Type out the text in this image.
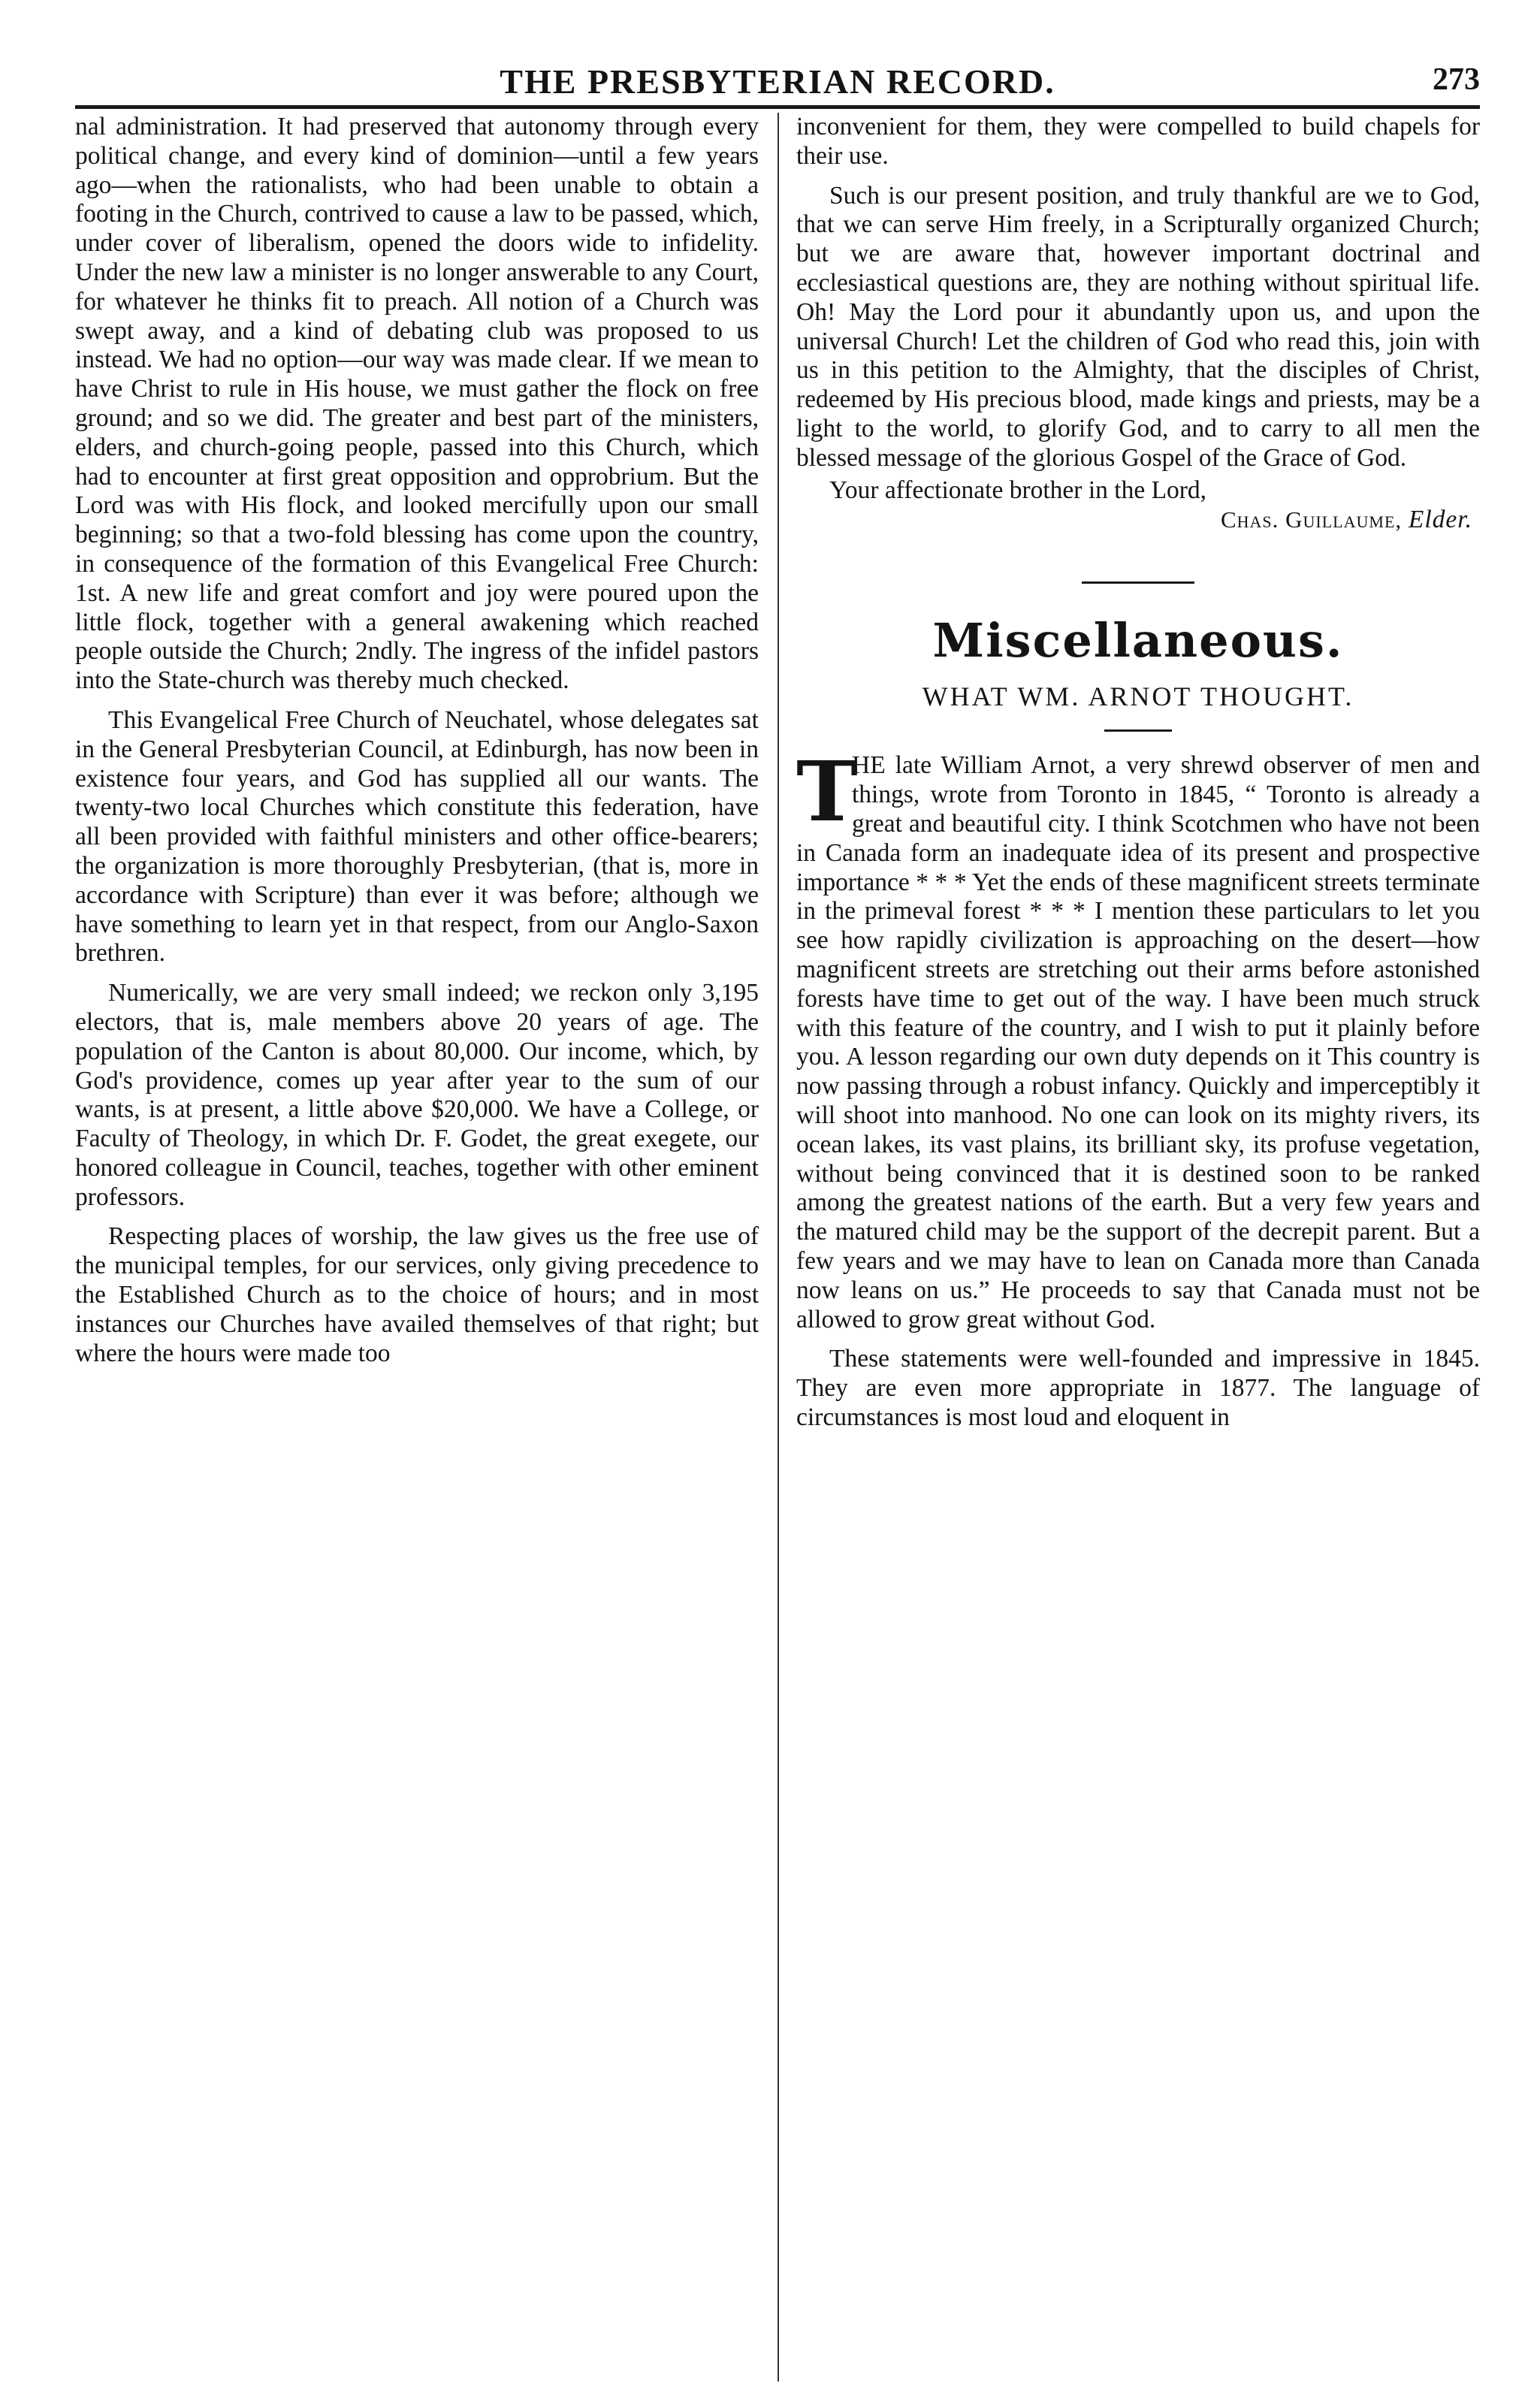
THE PRESBYTERIAN RECORD.	273

nal administration. It had preserved that autonomy through every political change, and every kind of dominion—until a few years ago—when the rationalists, who had been unable to obtain a footing in the Church, contrived to cause a law to be passed, which, under cover of liberalism, opened the doors wide to infidelity. Under the new law a minister is no longer answerable to any Court, for whatever he thinks fit to preach. All notion of a Church was swept away, and a kind of debating club was proposed to us instead. We had no option—our way was made clear. If we mean to have Christ to rule in His house, we must gather the flock on free ground; and so we did. The greater and best part of the ministers, elders, and church-going people, passed into this Church, which had to encounter at first great opposition and opprobrium. But the Lord was with His flock, and looked mercifully upon our small beginning; so that a two-fold blessing has come upon the country, in consequence of the formation of this Evangelical Free Church: 1st. A new life and great comfort and joy were poured upon the little flock, together with a general awakening which reached people outside the Church; 2ndly. The ingress of the infidel pastors into the State-church was thereby much checked.

This Evangelical Free Church of Neuchatel, whose delegates sat in the General Presbyterian Council, at Edinburgh, has now been in existence four years, and God has supplied all our wants. The twenty-two local Churches which constitute this federation, have all been provided with faithful ministers and other office-bearers; the organization is more thoroughly Presbyterian, (that is, more in accordance with Scripture) than ever it was before; although we have something to learn yet in that respect, from our Anglo-Saxon brethren.

Numerically, we are very small indeed; we reckon only 3,195 electors, that is, male members above 20 years of age. The population of the Canton is about 80,000. Our income, which, by God's providence, comes up year after year to the sum of our wants, is at present, a little above $20,000. We have a College, or Faculty of Theology, in which Dr. F. Godet, the great exegete, our honored colleague in Council, teaches, together with other eminent professors.

Respecting places of worship, the law gives us the free use of the municipal temples, for our services, only giving precedence to the Established Church as to the choice of hours; and in most instances our Churches have availed themselves of that right; but where the hours were made too

inconvenient for them, they were compelled to build chapels for their use.

Such is our present position, and truly thankful are we to God, that we can serve Him freely, in a Scripturally organized Church; but we are aware that, however important doctrinal and ecclesiastical questions are, they are nothing without spiritual life. Oh! May the Lord pour it abundantly upon us, and upon the universal Church! Let the children of God who read this, join with us in this petition to the Almighty, that the disciples of Christ, redeemed by His precious blood, made kings and priests, may be a light to the world, to glorify God, and to carry to all men the blessed message of the glorious Gospel of the Grace of God.

Your affectionate brother in the Lord,
Chas. Guillaume, Elder.
Miscellaneous.
WHAT WM. ARNOT THOUGHT.

T
HE late William Arnot, a very shrewd observer of men and things, wrote from Toronto in 1845, “ Toronto is already a great and beautiful city. I think Scotchmen who have not been in Canada form an inadequate idea of its present and prospective importance * * * Yet the ends of these magnificent streets terminate in the primeval forest * * * I mention these particulars to let you see how rapidly civilization is approaching on the desert—how magnificent streets are stretching out their arms before astonished forests have time to get out of the way. I have been much struck with this feature of the country, and I wish to put it plainly before you. A lesson regarding our own duty depends on it This country is now passing through a robust infancy. Quickly and imperceptibly it will shoot into manhood. No one can look on its mighty rivers, its ocean lakes, its vast plains, its brilliant sky, its profuse vegetation, without being convinced that it is destined soon to be ranked among the greatest nations of the earth. But a very few years and the matured child may be the support of the decrepit parent. But a few years and we may have to lean on Canada more than Canada now leans on us.” He proceeds to say that Canada must not be allowed to grow great without God.

These statements were well-founded and impressive in 1845. They are even more appropriate in 1877. The language of circumstances is most loud and eloquent in
